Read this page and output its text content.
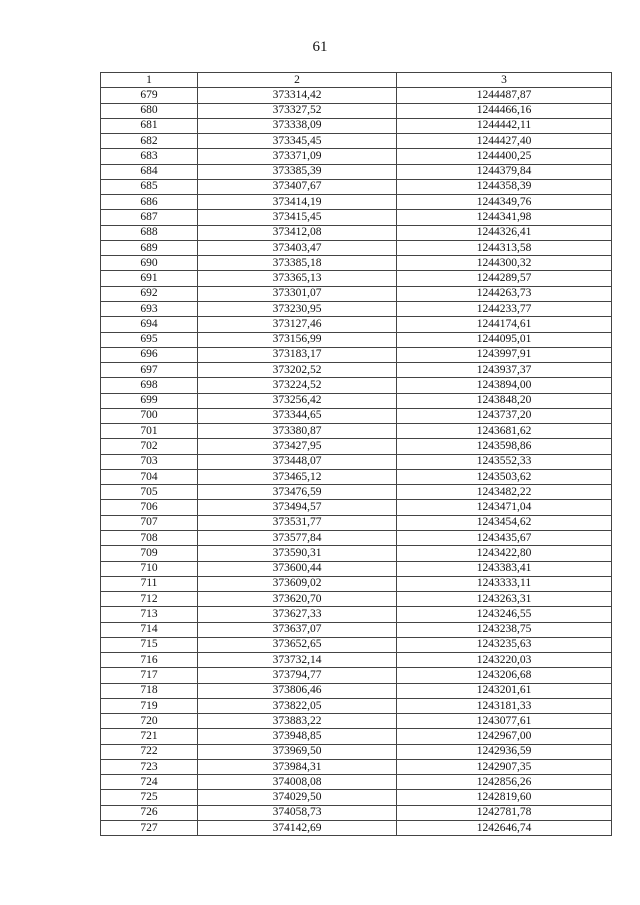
61
1	2	3
679	373314,42	1244487,87
680	373327,52	1244466,16
681	373338,09	1244442,11
682	373345,45	1244427,40
683	373371,09	1244400,25
684	373385,39	1244379,84
685	373407,67	1244358,39
686	373414,19	1244349,76
687	373415,45	1244341,98
688	373412,08	1244326,41
689	373403,47	1244313,58
690	373385,18	1244300,32
691	373365,13	1244289,57
692	373301,07	1244263,73
693	373230,95	1244233,77
694	373127,46	1244174,61
695	373156,99	1244095,01
696	373183,17	1243997,91
697	373202,52	1243937,37
698	373224,52	1243894,00
699	373256,42	1243848,20
700	373344,65	1243737,20
701	373380,87	1243681,62
702	373427,95	1243598,86
703	373448,07	1243552,33
704	373465,12	1243503,62
705	373476,59	1243482,22
706	373494,57	1243471,04
707	373531,77	1243454,62
708	373577,84	1243435,67
709	373590,31	1243422,80
710	373600,44	1243383,41
711	373609,02	1243333,11
712	373620,70	1243263,31
713	373627,33	1243246,55
714	373637,07	1243238,75
715	373652,65	1243235,63
716	373732,14	1243220,03
717	373794,77	1243206,68
718	373806,46	1243201,61
719	373822,05	1243181,33
720	373883,22	1243077,61
721	373948,85	1242967,00
722	373969,50	1242936,59
723	373984,31	1242907,35
724	374008,08	1242856,26
725	374029,50	1242819,60
726	374058,73	1242781,78
727	374142,69	1242646,74
